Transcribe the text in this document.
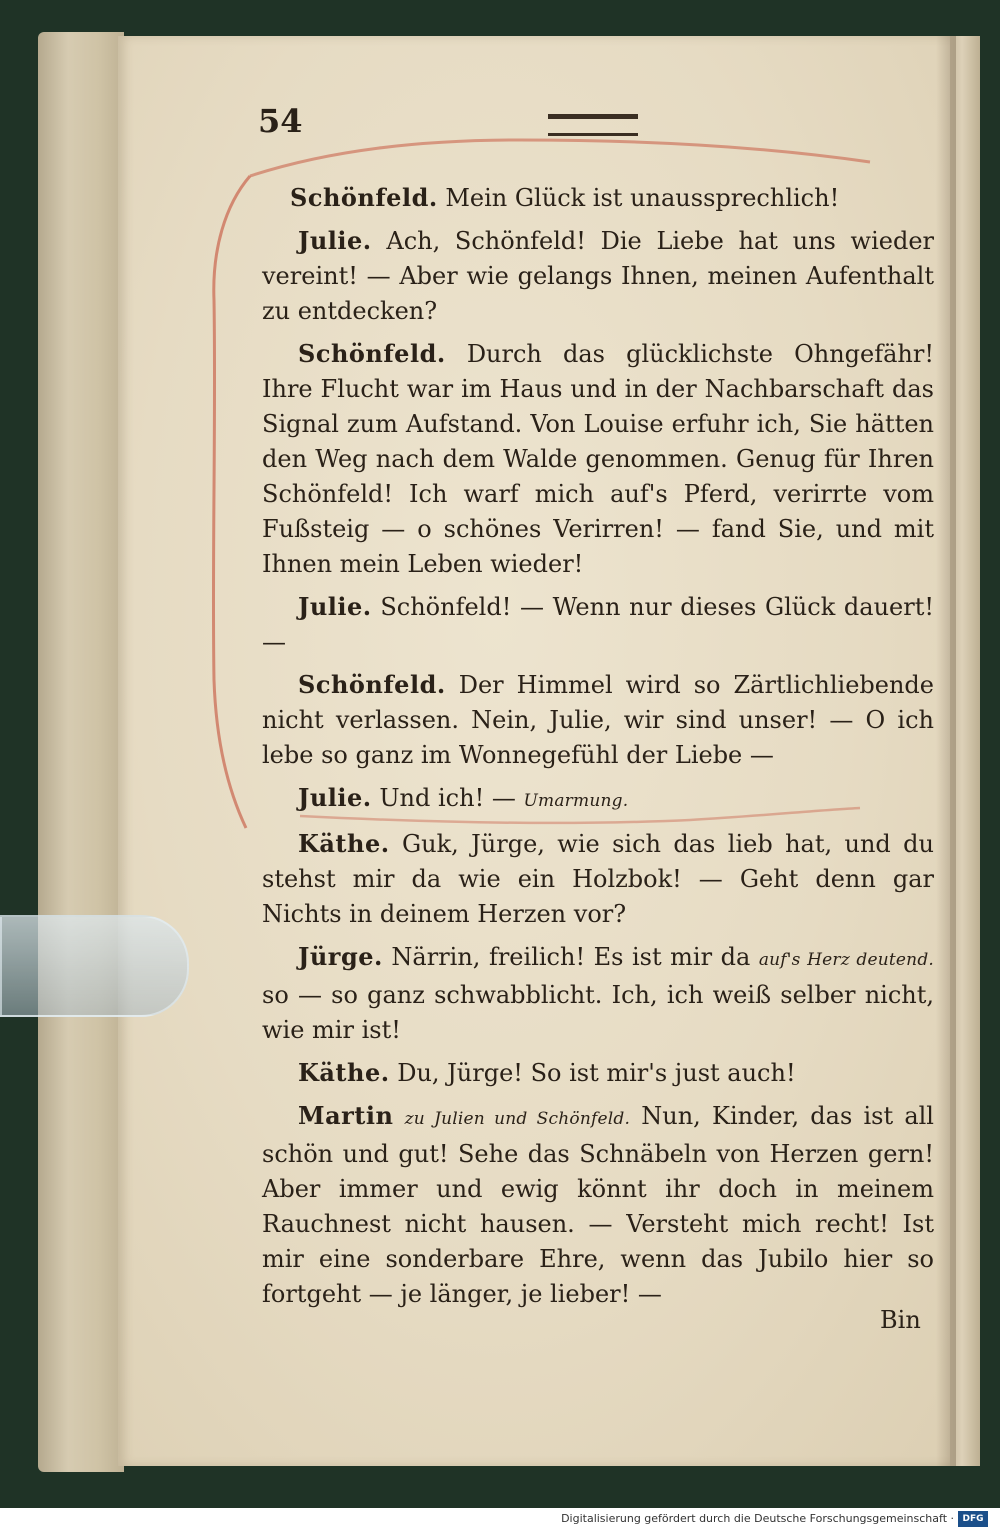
54

Schönfeld. Mein Glück ist unaussprechlich!

Julie. Ach, Schönfeld! Die Liebe hat uns wieder vereint! — Aber wie gelangs Ihnen, meinen Aufenthalt zu entdecken?

Schönfeld. Durch das glücklichste Ohngefähr! Ihre Flucht war im Haus und in der Nachbarschaft das Signal zum Aufstand. Von Louise erfuhr ich, Sie hätten den Weg nach dem Walde genommen. Genug für Ihren Schönfeld! Ich warf mich auf's Pferd, verirrte vom Fußsteig — o schönes Verirren! — fand Sie, und mit Ihnen mein Leben wieder!

Julie. Schönfeld! — Wenn nur dieses Glück dauert! —

Schönfeld. Der Himmel wird so Zärtlichliebende nicht verlassen. Nein, Julie, wir sind unser! — O ich lebe so ganz im Wonnegefühl der Liebe —

Julie. Und ich! — Umarmung.

Käthe. Guk, Jürge, wie sich das lieb hat, und du stehst mir da wie ein Holzbok! — Geht denn gar Nichts in deinem Herzen vor?

Jürge. Närrin, freilich! Es ist mir da auf's Herz deutend. so — so ganz schwabblicht. Ich, ich weiß selber nicht, wie mir ist!

Käthe. Du, Jürge! So ist mir's just auch!

Martin zu Julien und Schönfeld. Nun, Kinder, das ist all schön und gut! Sehe das Schnäbeln von Herzen gern! Aber immer und ewig könnt ihr doch in meinem Rauchnest nicht hausen. — Versteht mich recht! Ist mir eine sonderbare Ehre, wenn das Jubilo hier so fortgeht — je länger, je lieber! —

Bin
Digitalisierung gefördert durch die Deutsche Forschungsgemeinschaft · DFG
